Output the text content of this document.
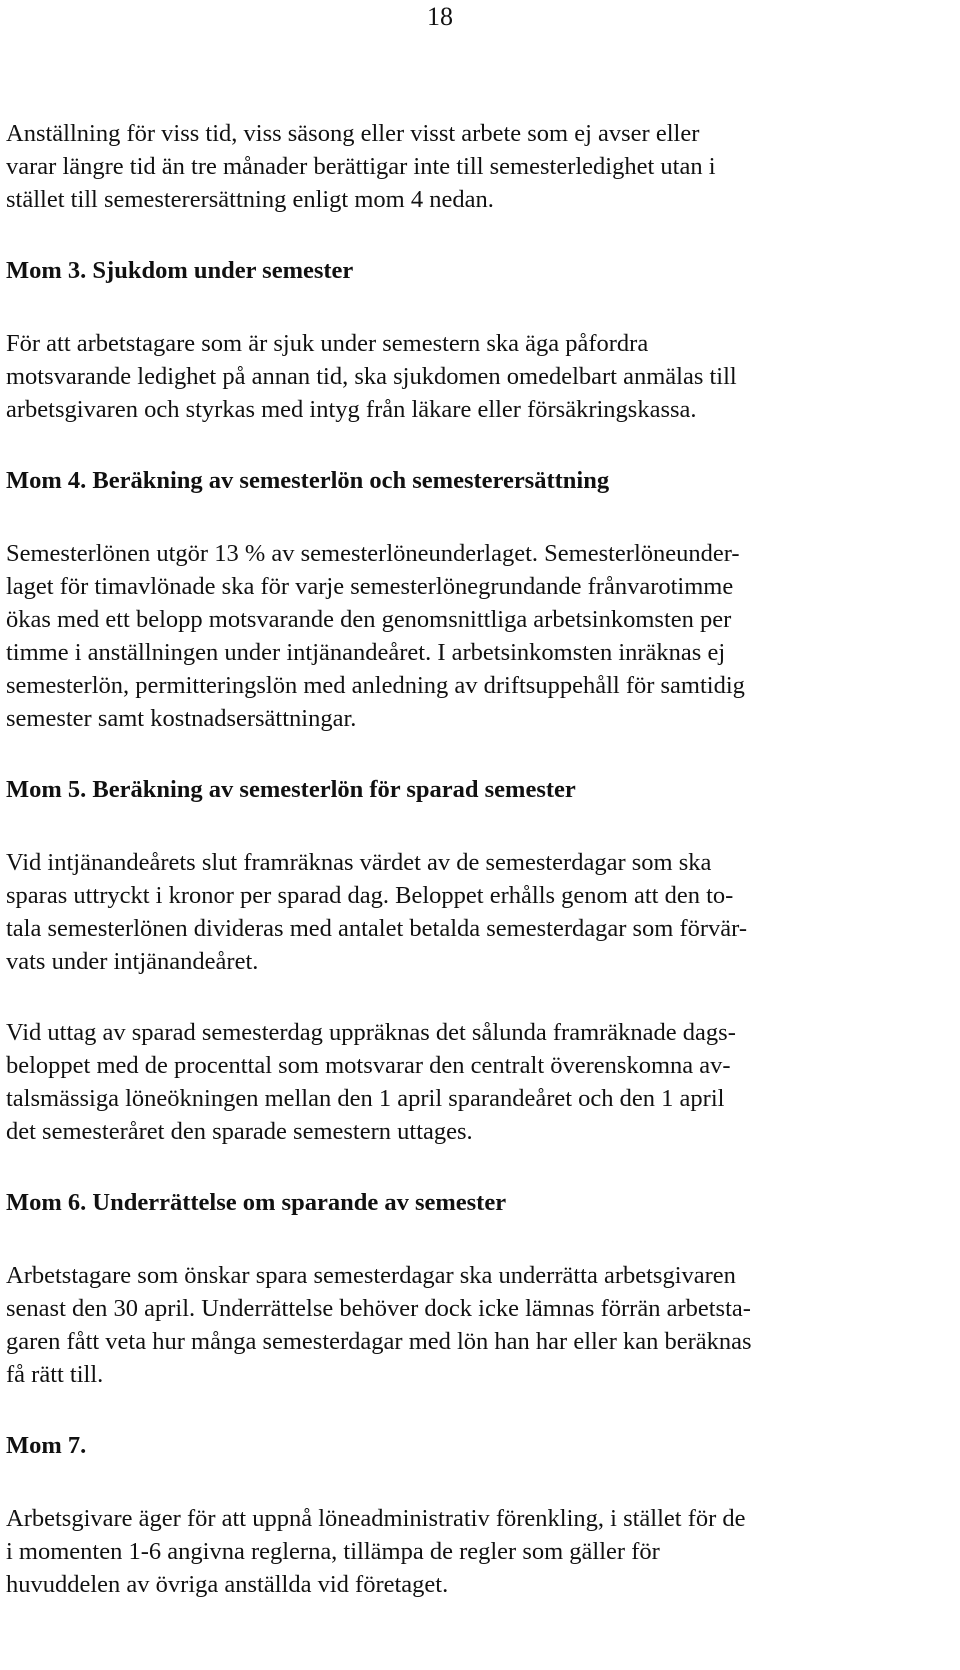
18

Anställning för viss tid, viss säsong eller visst arbete som ej avser eller
varar längre tid än tre månader berättigar inte till semesterledighet utan i
stället till semesterersättning enligt mom 4 nedan.

Mom 3. Sjukdom under semester

För att arbetstagare som är sjuk under semestern ska äga påfordra
motsvarande ledighet på annan tid, ska sjukdomen omedelbart anmälas till
arbetsgivaren och styrkas med intyg från läkare eller försäkringskassa.

Mom 4. Beräkning av semesterlön och semesterersättning

Semesterlönen utgör 13 % av semesterlöneunderlaget. Semesterlöneunder-
laget för timavlönade ska för varje semesterlönegrundande frånvarotimme
ökas med ett belopp motsvarande den genomsnittliga arbetsinkomsten per
timme i anställningen under intjänandeåret. I arbetsinkomsten inräknas ej
semesterlön, permitteringslön med anledning av driftsuppehåll för samtidig
semester samt kostnadsersättningar.

Mom 5. Beräkning av semesterlön för sparad semester

Vid intjänandeårets slut framräknas värdet av de semesterdagar som ska
sparas uttryckt i kronor per sparad dag. Beloppet erhålls genom att den to-
tala semesterlönen divideras med antalet betalda semesterdagar som förvär-
vats under intjänandeåret.

Vid uttag av sparad semesterdag uppräknas det sålunda framräknade dags-
beloppet med de procenttal som motsvarar den centralt överenskomna av-
talsmässiga löneökningen mellan den 1 april sparandeåret och den 1 april
det semesteråret den sparade semestern uttages.

Mom 6. Underrättelse om sparande av semester

Arbetstagare som önskar spara semesterdagar ska underrätta arbetsgivaren
senast den 30 april. Underrättelse behöver dock icke lämnas förrän arbetsta-
garen fått veta hur många semesterdagar med lön han har eller kan beräknas
få rätt till.

Mom 7.

Arbetsgivare äger för att uppnå löneadministrativ förenkling, i stället för de
i momenten 1-6 angivna reglerna, tillämpa de regler som gäller för
huvuddelen av övriga anställda vid företaget.
